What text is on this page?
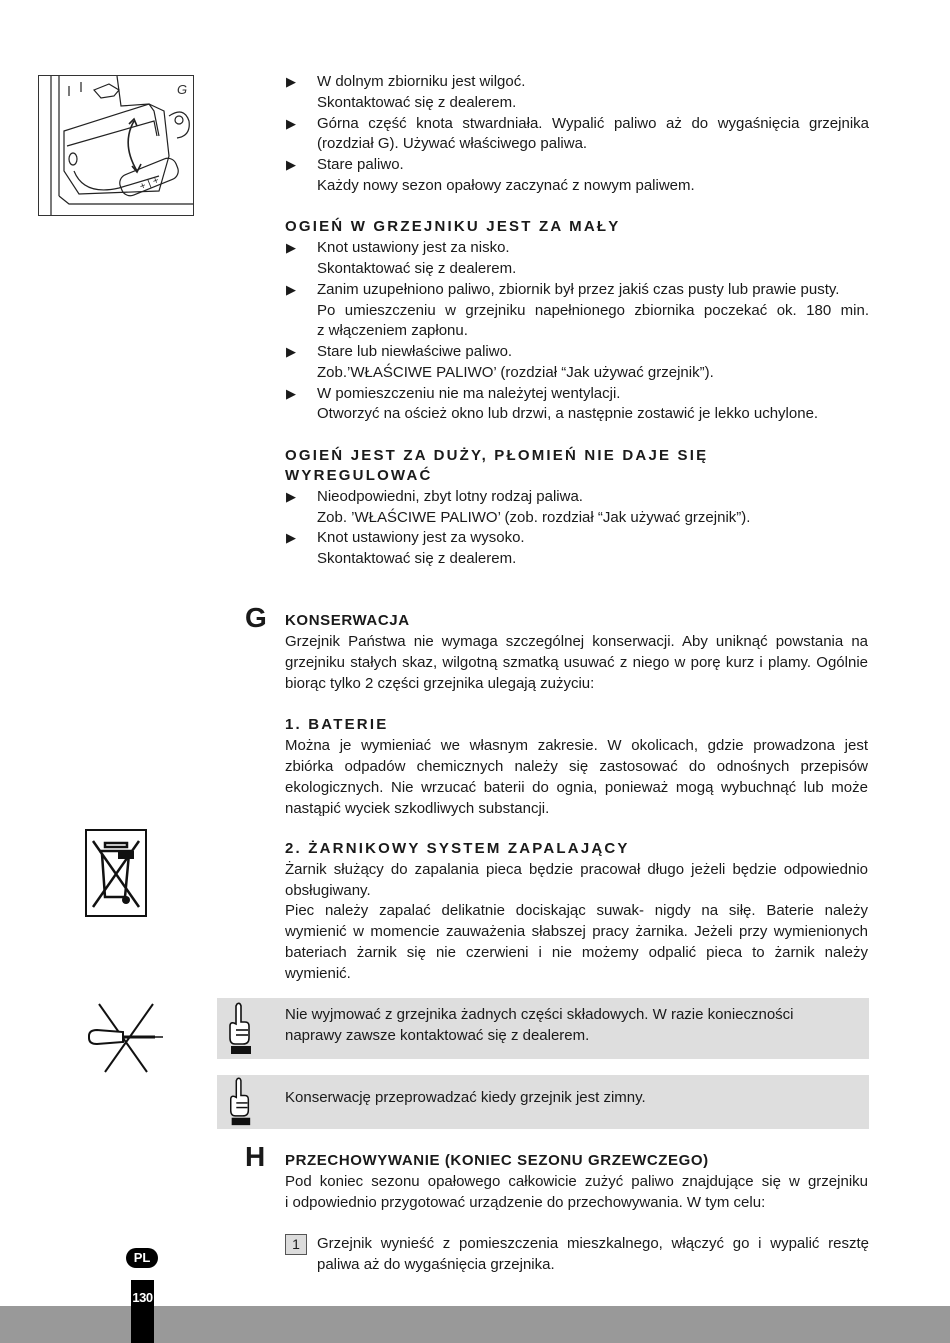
+ | +
G
▶ W dolnym zbiorniku jest wilgoć.
Skontaktować się z dealerem.
▶ Górna część knota stwardniała. Wypalić paliwo aż do wygaśnięcia grzejnika
(rozdział G). Używać właściwego paliwa.
▶ Stare paliwo.
Każdy nowy sezon opałowy zaczynać z nowym paliwem.
OGIEŃ W GRZEJNIKU JEST ZA MAŁY
▶ Knot ustawiony jest za nisko.
Skontaktować się z dealerem.
▶ Zanim uzupełniono paliwo, zbiornik był przez jakiś czas pusty lub prawie pusty.
Po umieszczeniu w grzejniku napełnionego zbiornika poczekać ok. 180 min.
z włączeniem zapłonu.
▶ Stare lub niewłaściwe paliwo.
Zob.’WŁAŚCIWE PALIWO’ (rozdział “Jak używać grzejnik”).
▶ W pomieszczeniu nie ma należytej wentylacji.
Otworzyć na oścież okno lub drzwi, a następnie zostawić je lekko uchylone.
OGIEŃ JEST ZA DUŻY, PŁOMIEŃ NIE DAJE SIĘ
WYREGULOWAĆ
▶ Nieodpowiedni, zbyt lotny rodzaj paliwa.
Zob. ’WŁAŚCIWE PALIWO’ (zob. rozdział “Jak używać grzejnik”).
▶ Knot ustawiony jest za wysoko.
Skontaktować się z dealerem.
G KONSERWACJA
Grzejnik Państwa nie wymaga szczególnej konserwacji. Aby uniknąć powstania na
grzejniku stałych skaz, wilgotną szmatką usuwać z niego w porę kurz i plamy. Ogólnie
biorąc tylko 2 części grzejnika ulegają zużyciu:
1. BATERIE
Można je wymieniać we własnym zakresie. W okolicach, gdzie prowadzona jest
zbiórka odpadów chemicznych należy się zastosować do odnośnych przepisów
ekologicznych. Nie wrzucać baterii do ognia, ponieważ mogą wybuchnąć lub może
nastąpić wyciek szkodliwych substancji.
2. ŻARNIKOWY SYSTEM ZAPALAJĄCY
Żarnik służący do zapalania pieca będzie pracował długo jeżeli będzie odpowiednio
obsługiwany.
Piec należy zapalać delikatnie dociskając suwak- nigdy na siłę. Baterie należy
wymienić w momencie zauważenia słabszej pracy żarnika. Jeżeli przy wymienionych
bateriach żarnik się nie czerwieni i nie możemy odpalić pieca to żarnik należy
wymienić.
Nie wyjmować z grzejnika żadnych części składowych. W razie konieczności
naprawy zawsze kontaktować się z dealerem.
Konserwację przeprowadzać kiedy grzejnik jest zimny.
H PRZECHOWYWANIE (KONIEC SEZONU GRZEWCZEGO)
Pod koniec sezonu opałowego całkowicie zużyć paliwo znajdujące się w grzejniku
i odpowiednio przygotować urządzenie do przechowywania. W tym celu:
1	Grzejnik wynieść z pomieszczenia mieszkalnego, włączyć go i wypalić resztę
paliwa aż do wygaśnięcia grzejnika.
PL
130
